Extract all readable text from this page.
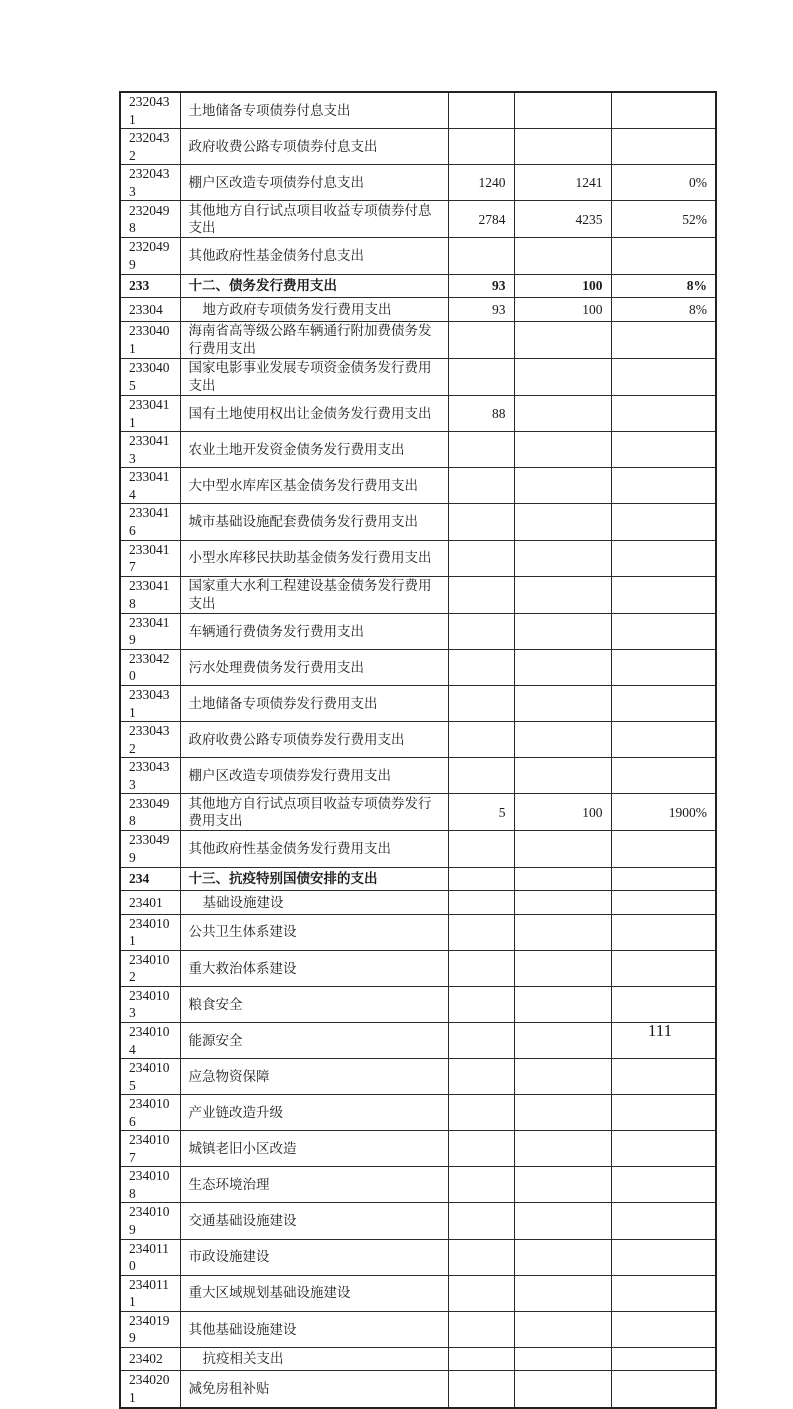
2320431	土地储备专项债券付息支出			
2320432	政府收费公路专项债券付息支出			
2320433	棚户区改造专项债券付息支出	1240	1241	0%
2320498	其他地方自行试点项目收益专项债券付息支出	2784	4235	52%
2320499	其他政府性基金债务付息支出			
233	十二、债务发行费用支出	93	100	8%
23304	地方政府专项债务发行费用支出	93	100	8%
2330401	海南省高等级公路车辆通行附加费债务发行费用支出			
2330405	国家电影事业发展专项资金债务发行费用支出			
2330411	国有土地使用权出让金债务发行费用支出	88		
2330413	农业土地开发资金债务发行费用支出			
2330414	大中型水库库区基金债务发行费用支出			
2330416	城市基础设施配套费债务发行费用支出			
2330417	小型水库移民扶助基金债务发行费用支出			
2330418	国家重大水利工程建设基金债务发行费用支出			
2330419	车辆通行费债务发行费用支出			
2330420	污水处理费债务发行费用支出			
2330431	土地储备专项债券发行费用支出			
2330432	政府收费公路专项债券发行费用支出			
2330433	棚户区改造专项债券发行费用支出			
2330498	其他地方自行试点项目收益专项债券发行费用支出	5	100	1900%
2330499	其他政府性基金债务发行费用支出			
234	十三、抗疫特别国债安排的支出			
23401	基础设施建设			
2340101	公共卫生体系建设			
2340102	重大救治体系建设			
2340103	粮食安全			
2340104	能源安全			
2340105	应急物资保障			
2340106	产业链改造升级			
2340107	城镇老旧小区改造			
2340108	生态环境治理			
2340109	交通基础设施建设			
2340110	市政设施建设			
2340111	重大区域规划基础设施建设			
2340199	其他基础设施建设			
23402	抗疫相关支出			
2340201	减免房租补贴			
111
